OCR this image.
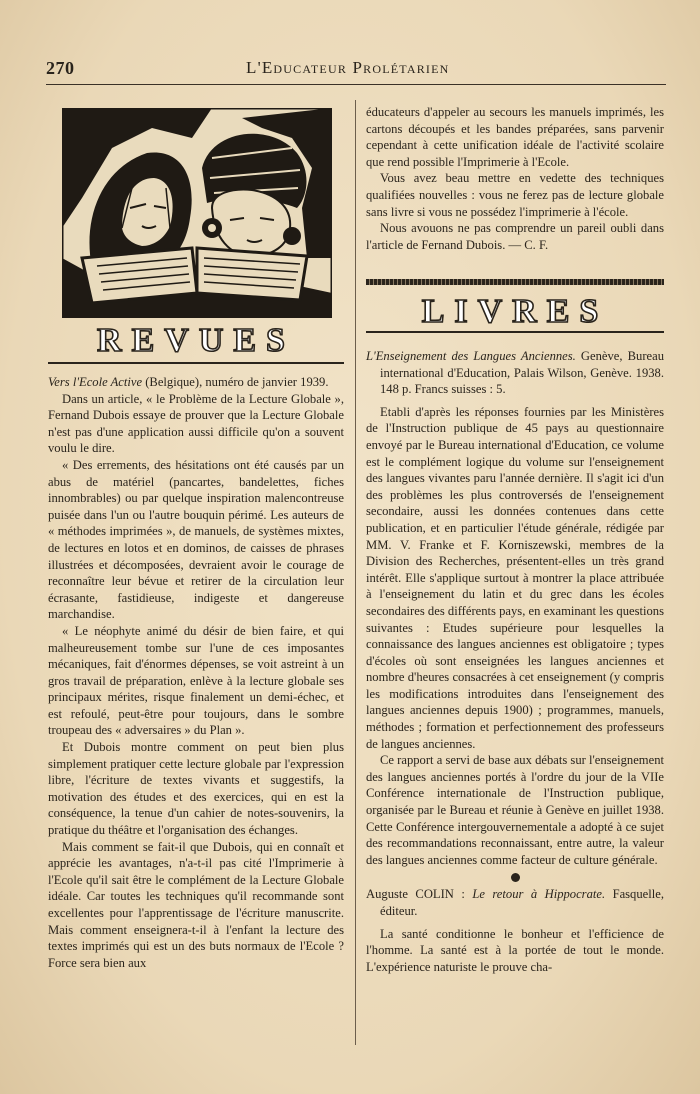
270	L'Educateur Prolétarien
REVUES

Vers l'Ecole Active (Belgique), numéro de janvier 1939.

Dans un article, « le Problème de la Lecture Globale », Fernand Dubois essaye de prouver que la Lecture Globale n'est pas d'une application aussi difficile qu'on a souvent voulu le dire.

« Des errements, des hésitations ont été causés par un abus de matériel (pancartes, bandelettes, fiches innombrables) ou par quelque inspiration malencontreuse puisée dans l'un ou l'autre bouquin périmé. Les auteurs de « méthodes imprimées », de manuels, de systèmes mixtes, de lectures en lotos et en dominos, de caisses de phrases illustrées et décomposées, devraient avoir le courage de reconnaître leur bévue et retirer de la circulation leur écrasante, fastidieuse, indigeste et dangereuse marchandise.

« Le néophyte animé du désir de bien faire, et qui malheureusement tombe sur l'une de ces imposantes mécaniques, fait d'énormes dépenses, se voit astreint à un gros travail de préparation, enlève à la lecture globale ses principaux mérites, risque finalement un demi-échec, et est refoulé, peut-être pour toujours, dans le sombre troupeau des « adversaires » du Plan ».

Et Dubois montre comment on peut bien plus simplement pratiquer cette lecture globale par l'expression libre, l'écriture de textes vivants et suggestifs, la motivation des études et des exercices, qui en est la conséquence, la tenue d'un cahier de notes-souvenirs, la pratique du théâtre et l'organisation des échanges.

Mais comment se fait-il que Dubois, qui en connaît et apprécie les avantages, n'a-t-il pas cité l'Imprimerie à l'Ecole qu'il sait être le complément de la Lecture Globale idéale. Car toutes les techniques qu'il recommande sont excellentes pour l'apprentissage de l'écriture manuscrite. Mais comment enseignera-t-il à l'enfant la lecture des textes imprimés qui est un des buts normaux de l'Ecole ? Force sera bien aux

éducateurs d'appeler au secours les manuels imprimés, les cartons découpés et les bandes préparées, sans parvenir cependant à cette unification idéale de l'activité scolaire que rend possible l'Imprimerie à l'Ecole.

Vous avez beau mettre en vedette des techniques qualifiées nouvelles : vous ne ferez pas de lecture globale sans livre si vous ne possédez l'imprimerie à l'école.

Nous avouons ne pas comprendre un pareil oubli dans l'article de Fernand Dubois. — C. F.

LIVRES

L'Enseignement des Langues Anciennes. Genève, Bureau international d'Education, Palais Wilson, Genève. 1938. 148 p. Francs suisses : 5.

Etabli d'après les réponses fournies par les Ministères de l'Instruction publique de 45 pays au questionnaire envoyé par le Bureau international d'Education, ce volume est le complément logique du volume sur l'enseignement des langues vivantes paru l'année dernière. Il s'agit ici d'un des problèmes les plus controversés de l'enseignement secondaire, aussi les données contenues dans cette publication, et en particulier l'étude générale, rédigée par MM. V. Franke et F. Korniszewski, membres de la Division des Recherches, présentent-elles un très grand intérêt. Elle s'applique surtout à montrer la place attribuée à l'enseignement du latin et du grec dans les écoles secondaires des différents pays, en examinant les questions suivantes : Etudes supérieure pour lesquelles la connaissance des langues anciennes est obligatoire ; types d'écoles où sont enseignées les langues anciennes et nombre d'heures consacrées à cet enseignement (y compris les modifications introduites dans l'enseignement des langues anciennes depuis 1900) ; programmes, manuels, méthodes ; formation et perfectionnement des professeurs de langues anciennes.

Ce rapport a servi de base aux débats sur l'enseignement des langues anciennes portés à l'ordre du jour de la VIIe Conférence internationale de l'Instruction publique, organisée par le Bureau et réunie à Genève en juillet 1938. Cette Conférence intergouvernementale a adopté à ce sujet des recommandations reconnaissant, entre autre, la valeur des langues anciennes comme facteur de culture générale.

Auguste COLIN : Le retour à Hippocrate. Fasquelle, éditeur.

La santé conditionne le bonheur et l'efficience de l'homme. La santé est à la portée de tout le monde. L'expérience naturiste le prouve cha-
